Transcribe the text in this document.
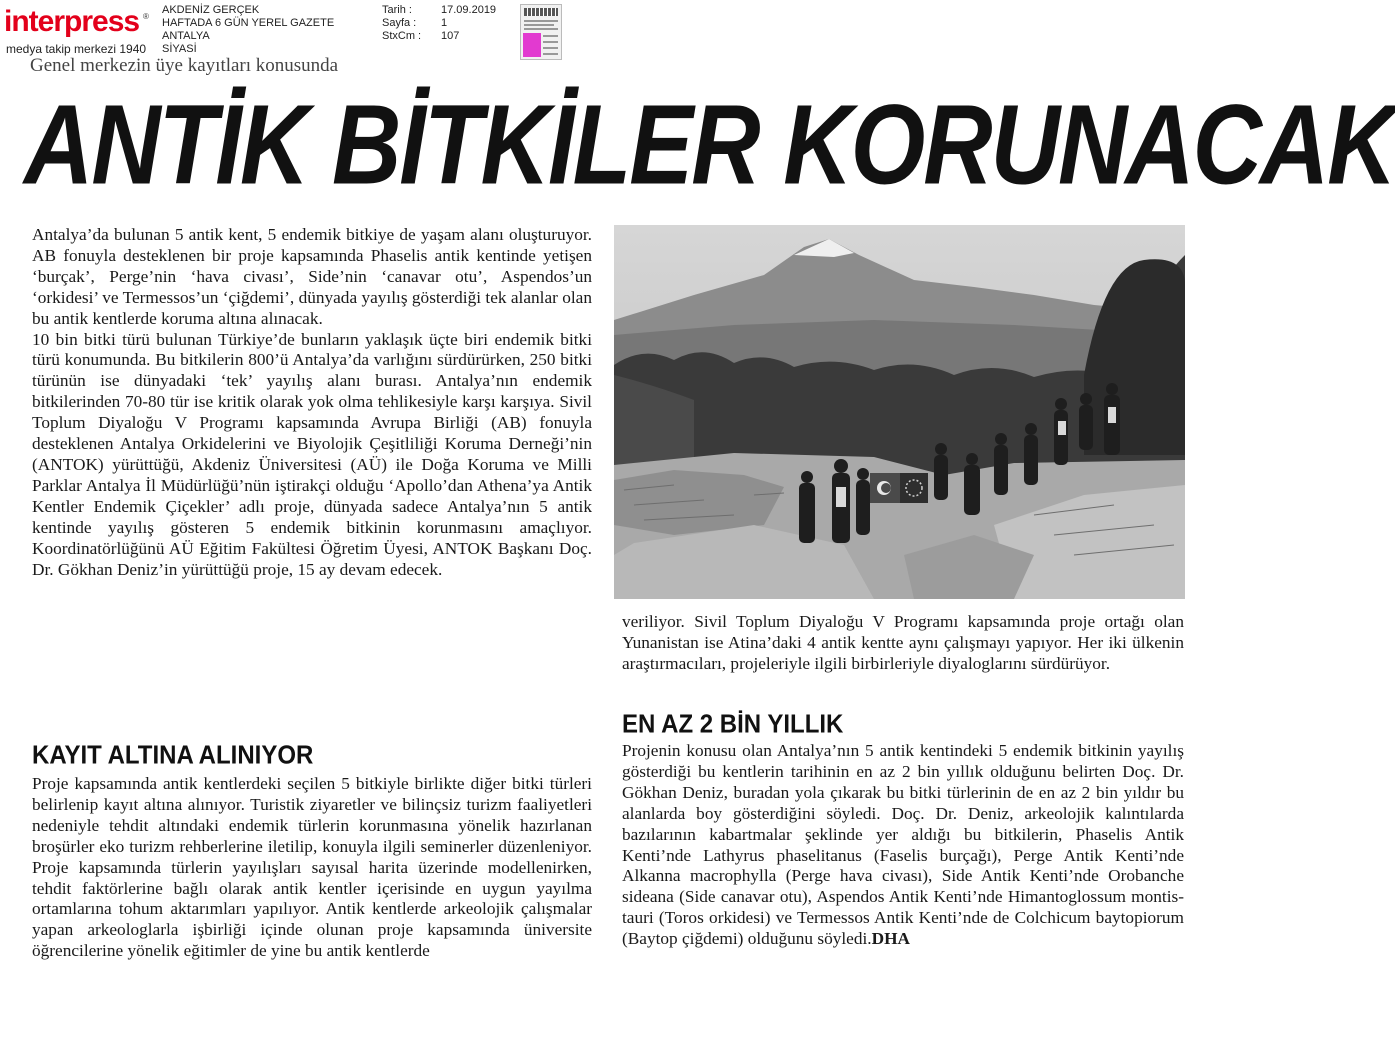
interpress ®
medya takip merkezi 1940
AKDENİZ GERÇEK
HAFTADA 6 GÜN YEREL GAZETE
ANTALYA
SİYASİ
Tarih :
Sayfa :
StxCm :
17.09.2019
1
107
Genel merkezin üye kayıtları konusunda
ANTİK BİTKİLER KORUNACAK

Antalya’da bulunan 5 antik kent, 5 endemik bitkiye de yaşam alanı oluşturuyor. AB fonuyla desteklenen bir proje kapsamında Phaselis antik kentinde yetişen ‘burçak’, Perge’nin ‘hava civası’, Side’nin ‘canavar otu’, Aspendos’un ‘orkidesi’ ve Termessos’un ‘çiğdemi’, dünyada yayılış gösterdiği tek alanlar olan bu antik kentlerde koruma altına alınacak.

10 bin bitki türü bulunan Türkiye’de bunların yaklaşık üçte biri endemik bitki türü konumunda. Bu bitkilerin 800’ü Antalya’da varlığını sürdürürken, 250 bitki türünün ise dünyadaki ‘tek’ yayılış alanı burası. Antalya’nın endemik bitkilerinden 70-80 tür ise kritik olarak yok olma tehlikesiyle karşı karşıya. Sivil Toplum Diyaloğu V Programı kapsamında Avrupa Birliği (AB) fonuyla desteklenen Antalya Orkidelerini ve Biyolojik Çeşitliliği Koruma Derneği’nin (ANTOK) yürüttüğü, Akdeniz Üniversitesi (AÜ) ile Doğa Koruma ve Milli Parklar Antalya İl Müdürlüğü’nün iştirakçi olduğu ‘Apollo’dan Athena’ya Antik Kentler Endemik Çiçekler’ adlı proje, dünyada sadece Antalya’nın 5 antik kentinde yayılış gösteren 5 endemik bitkinin korunmasını amaçlıyor. Koordinatörlüğünü AÜ Eğitim Fakültesi Öğretim Üyesi, ANTOK Başkanı Doç. Dr. Gökhan Deniz’in yürüttüğü proje, 15 ay devam edecek.

KAYIT ALTINA ALINIYOR

Proje kapsamında antik kentlerdeki seçilen 5 bitkiyle birlikte diğer bitki türleri belirlenip kayıt altına alınıyor. Turistik ziyaretler ve bilinçsiz turizm faaliyetleri nedeniyle tehdit altındaki endemik türlerin korunmasına yönelik hazırlanan broşürler eko turizm rehberlerine iletilip, konuyla ilgili seminerler düzenleniyor. Proje kapsamında türlerin yayılışları sayısal harita üzerinde modellenirken, tehdit faktörlerine bağlı olarak antik kentler içerisinde en uygun yayılma ortamlarına tohum aktarımları yapılıyor. Antik kentlerde arkeolojik çalışmalar yapan arkeologlarla işbirliği içinde olunan proje kapsamında üniversite öğrencilerine yönelik eğitimler de yine bu antik kentlerde

veriliyor. Sivil Toplum Diyaloğu V Programı kapsamında proje ortağı olan Yunanistan ise Atina’daki 4 antik kentte aynı çalışmayı yapıyor. Her iki ülkenin araştırmacıları, projeleriyle ilgili birbirleriyle diyaloglarını sürdürüyor.

EN AZ 2 BİN YILLIK

Projenin konusu olan Antalya’nın 5 antik kentindeki 5 endemik bitkinin yayılış gösterdiği bu kentlerin tarihinin en az 2 bin yıllık olduğunu belirten Doç. Dr. Gökhan Deniz, buradan yola çıkarak bu bitki türlerinin de en az 2 bin yıldır bu alanlarda boy gösterdiğini söyledi. Doç. Dr. Deniz, arkeolojik kalıntılarda bazılarının kabartmalar şeklinde yer aldığı bu bitkilerin, Phaselis Antik Kenti’nde Lathyrus phaselitanus (Faselis burçağı), Perge Antik Kenti’nde Alkanna macrophylla (Perge hava civası), Side Antik Kenti’nde Orobanche sideana (Side canavar otu), Aspendos Antik Kenti’nde Himantoglossum montis-tauri (Toros orkidesi) ve Termessos Antik Kenti’nde de Colchicum baytopiorum (Baytop çiğdemi) olduğunu söyledi.DHA
